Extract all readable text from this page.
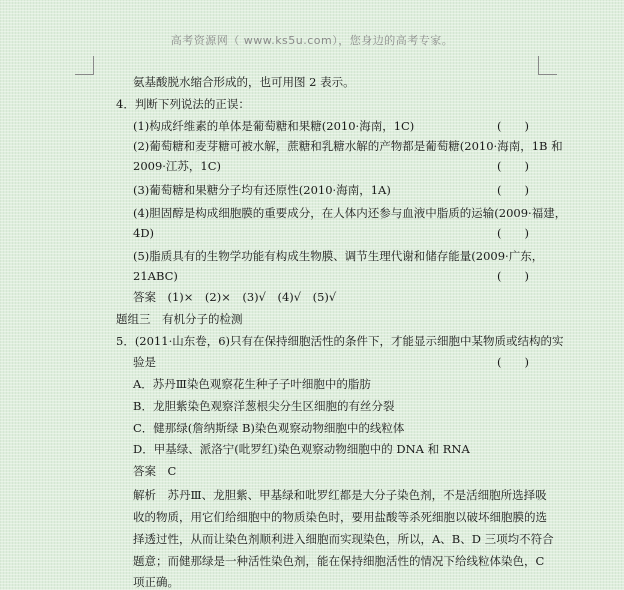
高考资源网（ www.ks5u.com），您身边的高考专家。
氨基酸脱水缩合形成的，也可用图 2 表示。
4．判断下列说法的正误：
(1)构成纤维素的单体是葡萄糖和果糖(2010·海南，1C)	(　　)
(2)葡萄糖和麦芽糖可被水解，蔗糖和乳糖水解的产物都是葡萄糖(2010·海南，1B 和
2009·江苏，1C)	(　　)
(3)葡萄糖和果糖分子均有还原性(2010·海南，1A)	(　　)
(4)胆固醇是构成细胞膜的重要成分，在人体内还参与血液中脂质的运输(2009·福建，
4D)	(　　)
(5)脂质具有的生物学功能有构成生物膜、调节生理代谢和储存能量(2009·广东，
21ABC)	(　　)
答案　(1)×　(2)×　(3)√　(4)√　(5)√
题组三　有机分子的检测
5．(2011·山东卷，6)只有在保持细胞活性的条件下，才能显示细胞中某物质或结构的实
验是	(　　)
A．苏丹Ⅲ染色观察花生种子子叶细胞中的脂肪
B．龙胆紫染色观察洋葱根尖分生区细胞的有丝分裂
C．健那绿(詹纳斯绿 B)染色观察动物细胞中的线粒体
D．甲基绿、派洛宁(吡罗红)染色观察动物细胞中的 DNA 和 RNA
答案　C
解析　苏丹Ⅲ、龙胆紫、甲基绿和吡罗红都是大分子染色剂，不是活细胞所选择吸
收的物质，用它们给细胞中的物质染色时，要用盐酸等杀死细胞以破坏细胞膜的选
择透过性，从而让染色剂顺利进入细胞而实现染色，所以，A、B、D 三项均不符合
题意；而健那绿是一种活性染色剂，能在保持细胞活性的情况下给线粒体染色，C
项正确。
